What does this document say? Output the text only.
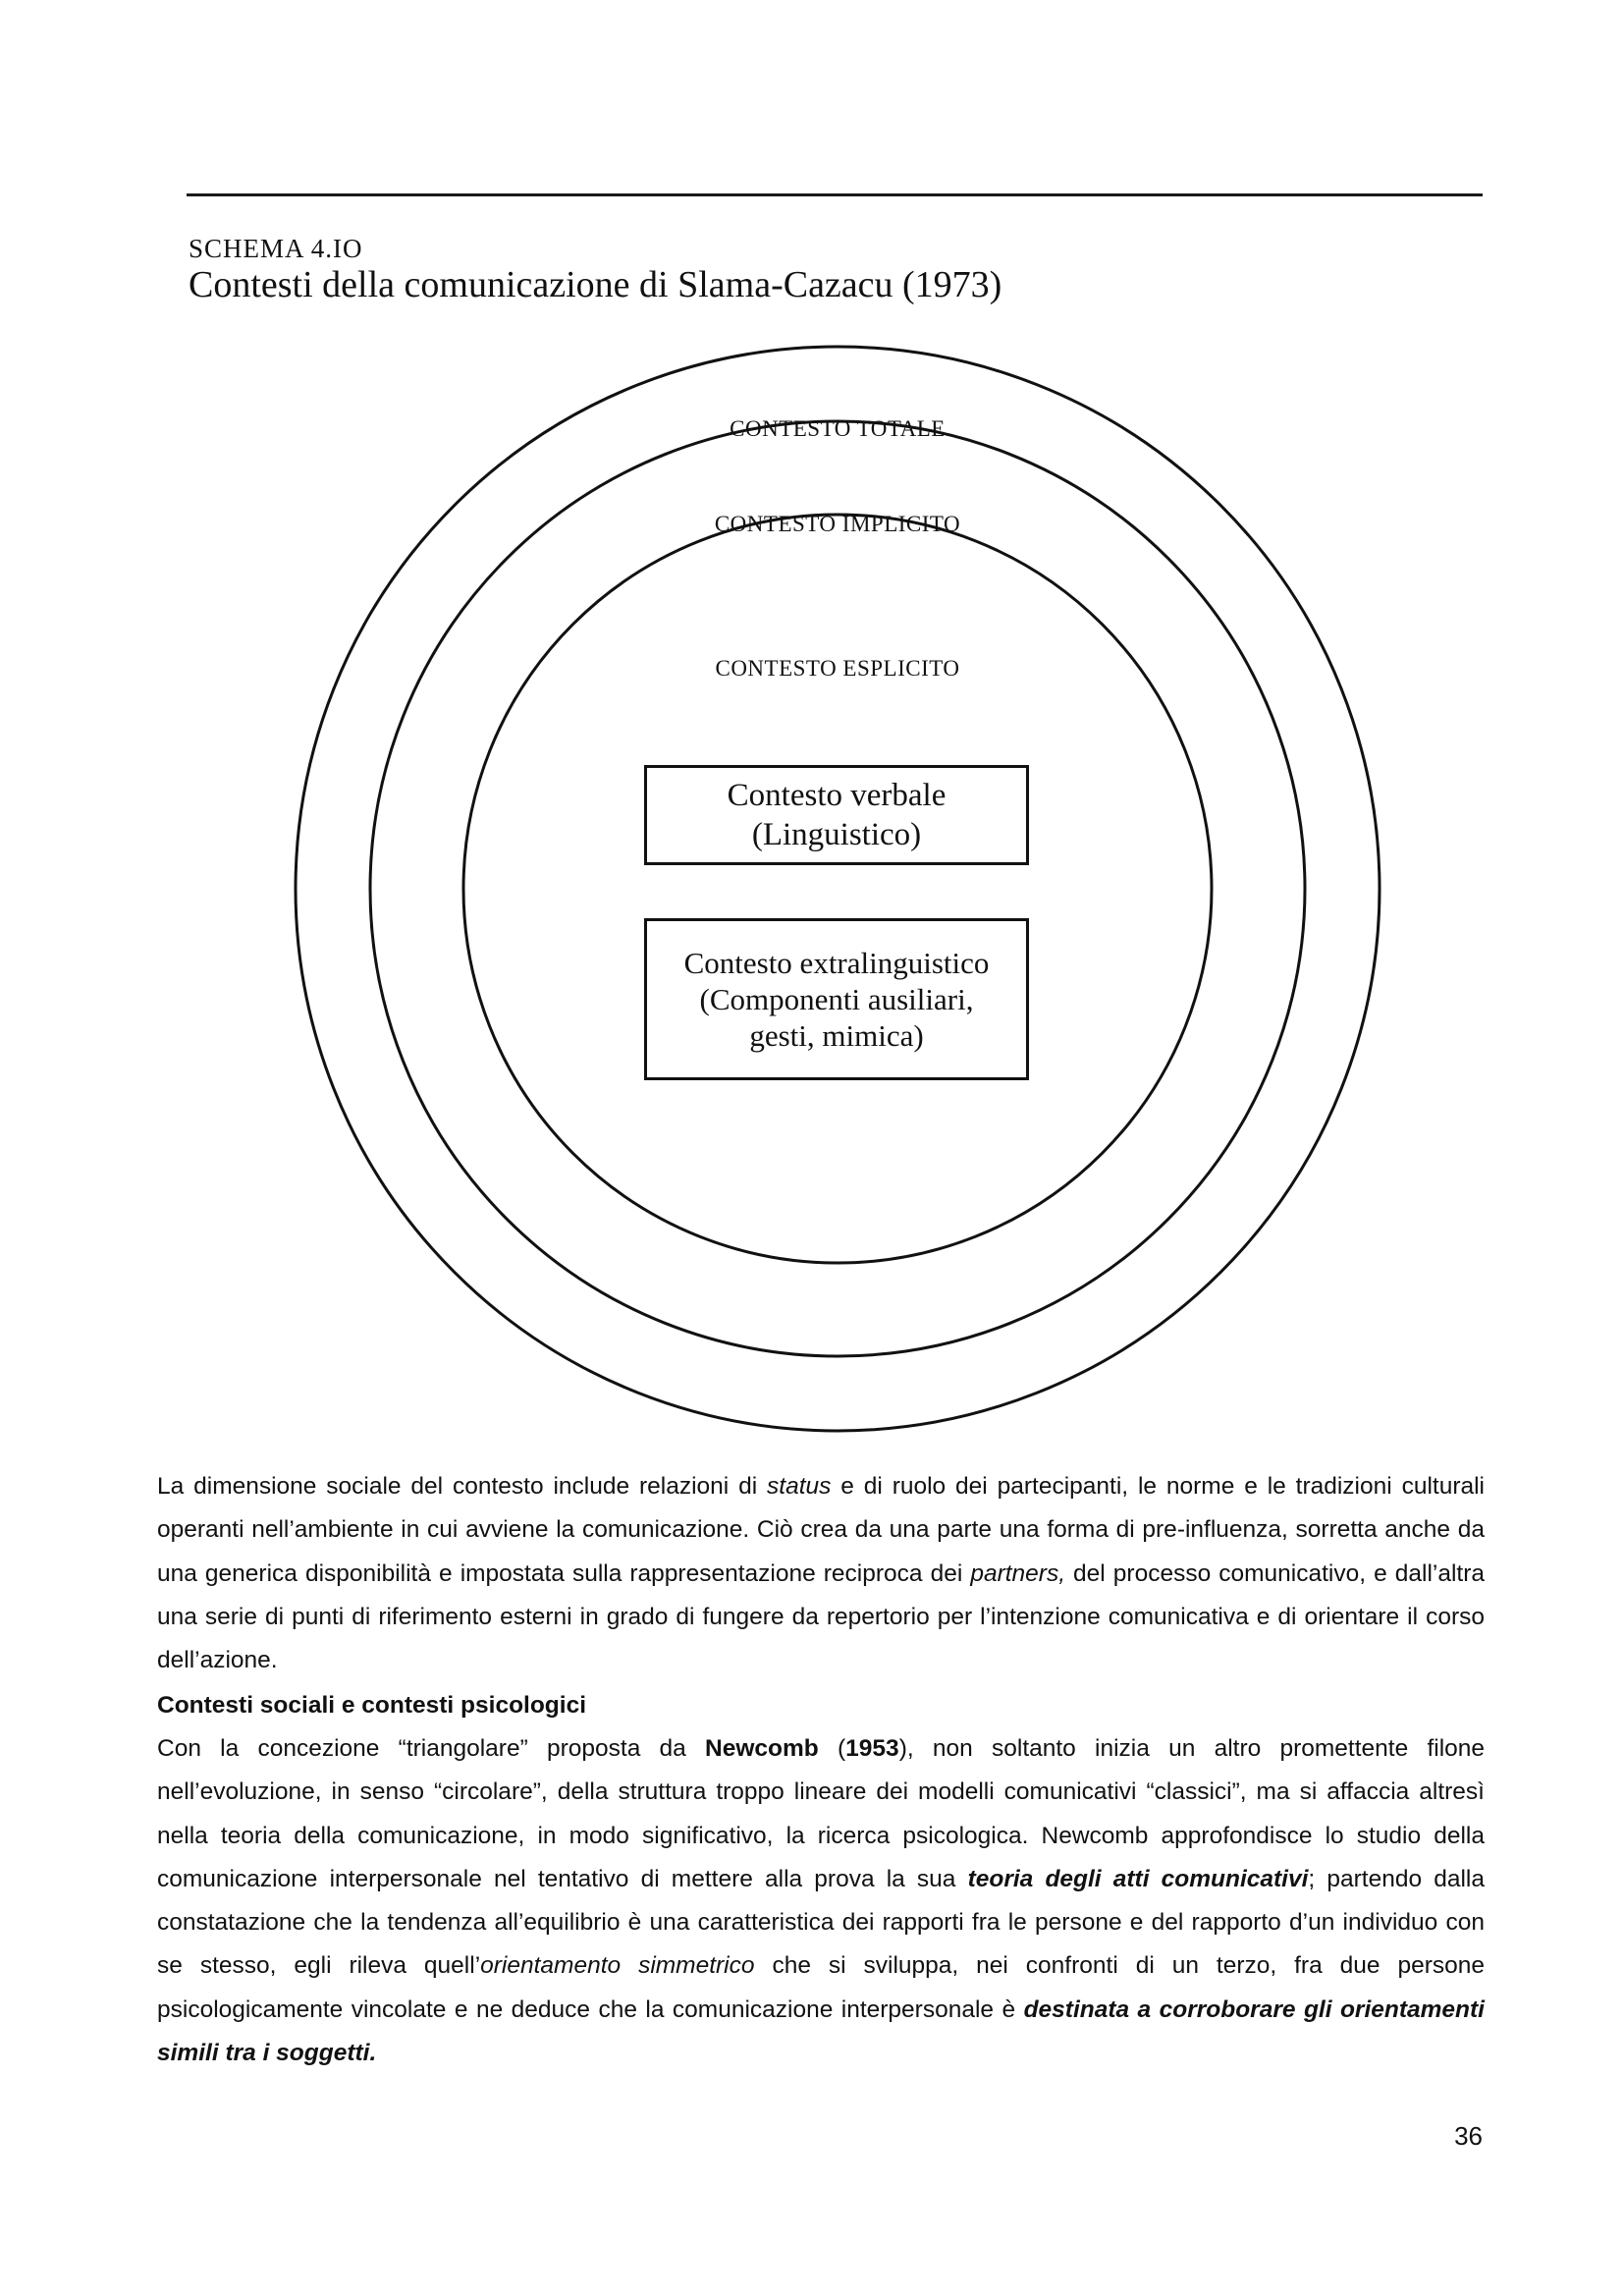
SCHEMA 4.IO
Contesti della comunicazione di Slama-Cazacu (1973)
CONTESTO TOTALE
CONTESTO IMPLICITO
CONTESTO ESPLICITO
Contesto verbale
(Linguistico)
Contesto extralinguistico
(Componenti ausiliari,
gesti, mimica)
La dimensione sociale del contesto include relazioni di status e di ruolo dei partecipanti, le norme e le tradizioni culturali operanti nell’ambiente in cui avviene la comunicazione. Ciò crea da una parte una forma di pre-influenza, sorretta anche da una generica disponibilità e impostata sulla rappresentazione reciproca dei partners, del processo comunicativo, e dall’altra una serie di punti di riferimento esterni in grado di fungere da repertorio per l’intenzione comunicativa e di orientare il corso dell’azione.
Contesti sociali e contesti psicologici
Con la concezione “triangolare” proposta da Newcomb (1953), non soltanto inizia un altro promettente filone nell’evoluzione, in senso “circolare”, della struttura troppo lineare dei modelli comunicativi “classici”, ma si affaccia altresì nella teoria della comunicazione, in modo significativo, la ricerca psicologica. Newcomb approfondisce lo studio della comunicazione interpersonale nel tentativo di mettere alla prova la sua teoria degli atti comunicativi; partendo dalla constatazione che la tendenza all’equilibrio è una caratteristica dei rapporti fra le persone e del rapporto d’un individuo con se stesso, egli rileva quell’orientamento simmetrico che si sviluppa, nei confronti di un terzo, fra due persone psicologicamente vincolate e ne deduce che la comunicazione interpersonale è destinata a corroborare gli orientamenti simili tra i soggetti.
36
